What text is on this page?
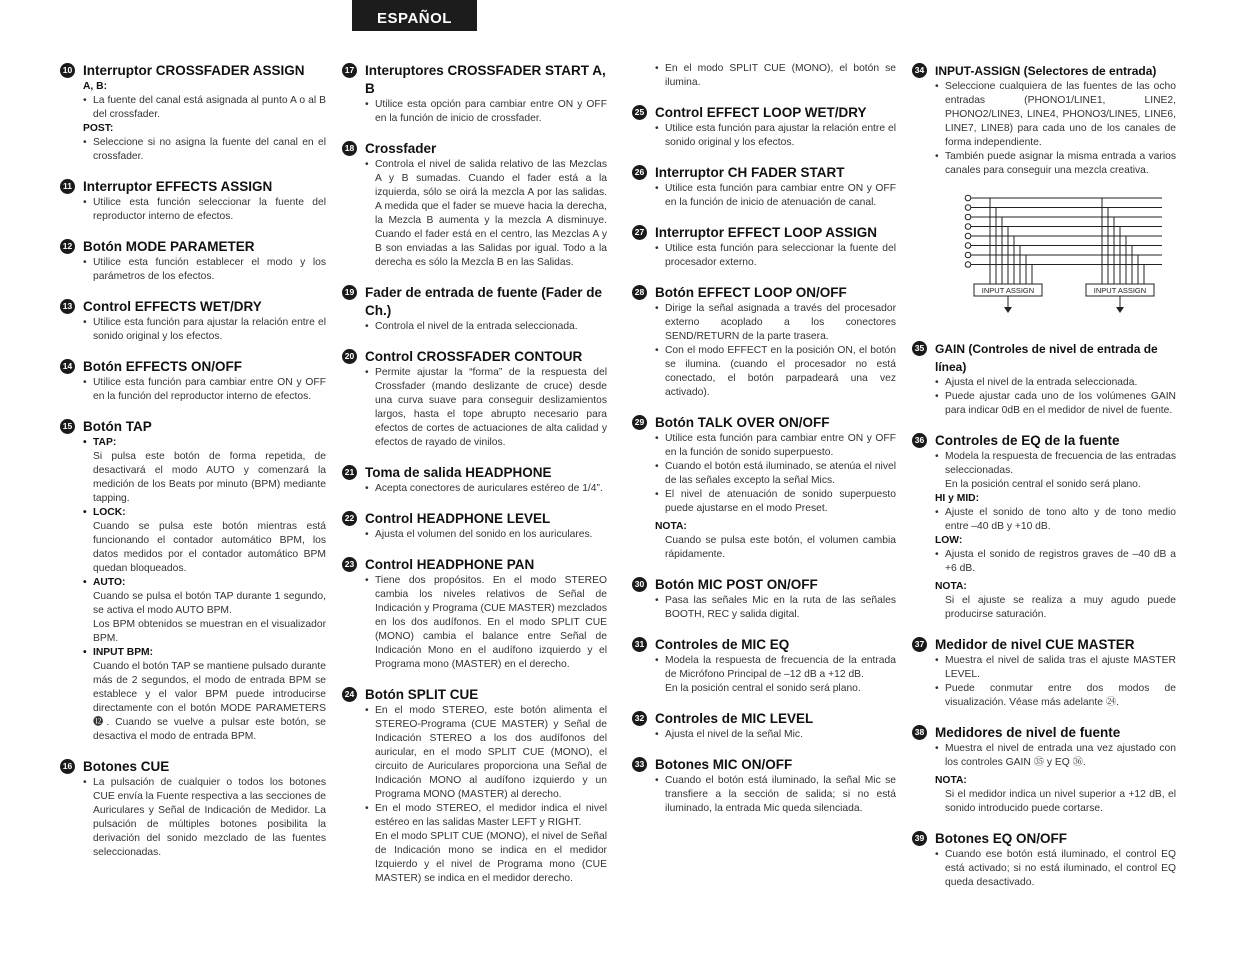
ESPAÑOL
10 Interruptor CROSSFADER ASSIGN
A, B:
• La fuente del canal está asignada al punto A o al B del crossfader.
POST:
• Seleccione si no asigna la fuente del canal en el crossfader.
11 Interruptor EFFECTS ASSIGN
• Utilice esta función seleccionar la fuente del reproductor interno de efectos.
12 Botón MODE PARAMETER
• Utilice esta función establecer el modo y los parámetros de los efectos.
13 Control EFFECTS WET/DRY
• Utilice esta función para ajustar la relación entre el sonido original y los efectos.
14 Botón EFFECTS ON/OFF
• Utilice esta función para cambiar entre ON y OFF en la función del reproductor interno de efectos.
15 Botón TAP
• TAP:
Si pulsa este botón de forma repetida, de desactivará el modo AUTO y comenzará la medición de los Beats por minuto (BPM) mediante tapping.
• LOCK:
Cuando se pulsa este botón mientras está funcionando el contador automático BPM, los datos medidos por el contador automático BPM quedan bloqueados.
• AUTO:
Cuando se pulsa el botón TAP durante 1 segundo, se activa el modo AUTO BPM.
Los BPM obtenidos se muestran en el visualizador BPM.
• INPUT BPM:
Cuando el botón TAP se mantiene pulsado durante más de 2 segundos, el modo de entrada BPM se establece y el valor BPM puede introducirse directamente con el botón MODE PARAMETERS ⓬. Cuando se vuelve a pulsar este botón, se desactiva el modo de entrada BPM.
16 Botones CUE
• La pulsación de cualquier o todos los botones CUE envía la Fuente respectiva a las secciones de Auriculares y Señal de Indicación de Medidor. La pulsación de múltiples botones posibilita la derivación del sonido mezclado de las fuentes seleccionadas.
17 Interuptores CROSSFADER START A, B
• Utilice esta opción para cambiar entre ON y OFF en la función de inicio de crossfader.
18 Crossfader
• Controla el nivel de salida relativo de las Mezclas A y B sumadas. Cuando el fader está a la izquierda, sólo se oirá la mezcla A por las salidas. A medida que el fader se mueve hacia la derecha, la Mezcla B aumenta y la mezcla A disminuye. Cuando el fader está en el centro, las Mezclas A y B son enviadas a las Salidas por igual. Todo a la derecha es sólo la Mezcla B en las Salidas.
19 Fader de entrada de fuente (Fader de Ch.)
• Controla el nivel de la entrada seleccionada.
20 Control CROSSFADER CONTOUR
• Permite ajustar la “forma” de la respuesta del Crossfader (mando deslizante de cruce) desde una curva suave para conseguir deslizamientos largos, hasta el tope abrupto necesario para efectos de cortes de actuaciones de alta calidad y efectos de rayado de vinilos.
21 Toma de salida HEADPHONE
• Acepta conectores de auriculares estéreo de 1/4”.
22 Control HEADPHONE LEVEL
• Ajusta el volumen del sonido en los auriculares.
23 Control HEADPHONE PAN
• Tiene dos propósitos. En el modo STEREO cambia los niveles relativos de Señal de Indicación y Programa (CUE MASTER) mezclados en los dos audífonos. En el modo SPLIT CUE (MONO) cambia el balance entre Señal de Indicación Mono en el audífono izquierdo y el Programa mono (MASTER) en el derecho.
24 Botón SPLIT CUE
• En el modo STEREO, este botón alimenta el STEREO-Programa (CUE MASTER) y Señal de Indicación STEREO a los dos audífonos del auricular, en el modo SPLIT CUE (MONO), el circuito de Auriculares proporciona una Señal de Indicación MONO al audífono izquierdo y un Programa MONO (MASTER) al derecho.
• En el modo STEREO, el medidor indica el nivel estéreo en las salidas Master LEFT y RIGHT.
En el modo SPLIT CUE (MONO), el nivel de Señal de Indicación mono se indica en el medidor Izquierdo y el nivel de Programa mono (CUE MASTER) se indica en el medidor derecho.
• En el modo SPLIT CUE (MONO), el botón se ilumina.
25 Control EFFECT LOOP WET/DRY
• Utilice esta función para ajustar la relación entre el sonido original y los efectos.
26 Interruptor CH FADER START
• Utilice esta función para cambiar entre ON y OFF en la función de inicio de atenuación de canal.
27 Interruptor EFFECT LOOP ASSIGN
• Utilice esta función para seleccionar la fuente del procesador externo.
28 Botón EFFECT LOOP ON/OFF
• Dirige la señal asignada a través del procesador externo acoplado a los conectores SEND/RETURN de la parte trasera.
• Con el modo EFFECT en la posición ON, el botón se ilumina. (cuando el procesador no está conectado, el botón parpadeará una vez activado).
29 Botón TALK OVER ON/OFF
• Utilice esta función para cambiar entre ON y OFF en la función de sonido superpuesto.
• Cuando el botón está iluminado, se atenúa el nivel de las señales excepto la señal Mics.
• El nivel de atenuación de sonido superpuesto puede ajustarse en el modo Preset.
NOTA:
Cuando se pulsa este botón, el volumen cambia rápidamente.
30 Botón MIC POST ON/OFF
• Pasa las señales Mic en la ruta de las señales BOOTH, REC y salida digital.
31 Controles de MIC EQ
• Modela la respuesta de frecuencia de la entrada de Micrófono Principal de –12 dB a +12 dB.
En la posición central el sonido será plano.
32 Controles de MIC LEVEL
• Ajusta el nivel de la señal Mic.
33 Botones MIC ON/OFF
• Cuando el botón está iluminado, la señal Mic se transfiere a la sección de salida; si no está iluminado, la entrada Mic queda silenciada.
34 INPUT-ASSIGN (Selectores de entrada)
• Seleccione cualquiera de las fuentes de las ocho entradas (PHONO1/LINE1, LINE2, PHONO2/LINE3, LINE4, PHONO3/LINE5, LINE6, LINE7, LINE8) para cada uno de los canales de forma independiente.
• También puede asignar la misma entrada a varios canales para conseguir una mezcla creativa.
INPUT ASSIGN	INPUT ASSIGN
35 GAIN (Controles de nivel de entrada de línea)
• Ajusta el nivel de la entrada seleccionada.
• Puede ajustar cada uno de los volúmenes GAIN para indicar 0dB en el medidor de nivel de fuente.
36 Controles de EQ de la fuente
• Modela la respuesta de frecuencia de las entradas seleccionadas.
En la posición central el sonido será plano.
HI y MID:
• Ajuste el sonido de tono alto y de tono medio entre –40 dB y +10 dB.
LOW:
• Ajusta el sonido de registros graves de –40 dB a +6 dB.
NOTA:
Si el ajuste se realiza a muy agudo puede producirse saturación.
37 Medidor de nivel CUE MASTER
• Muestra el nivel de salida tras el ajuste MASTER LEVEL.
• Puede conmutar entre dos modos de visualización. Véase más adelante ㉔.
38 Medidores de nivel de fuente
• Muestra el nivel de entrada una vez ajustado con los controles GAIN ㉟ y EQ ㊱.
NOTA:
Si el medidor indica un nivel superior a +12 dB, el sonido introducido puede cortarse.
39 Botones EQ ON/OFF
• Cuando ese botón está iluminado, el control EQ está activado; si no está iluminado, el control EQ queda desactivado.
